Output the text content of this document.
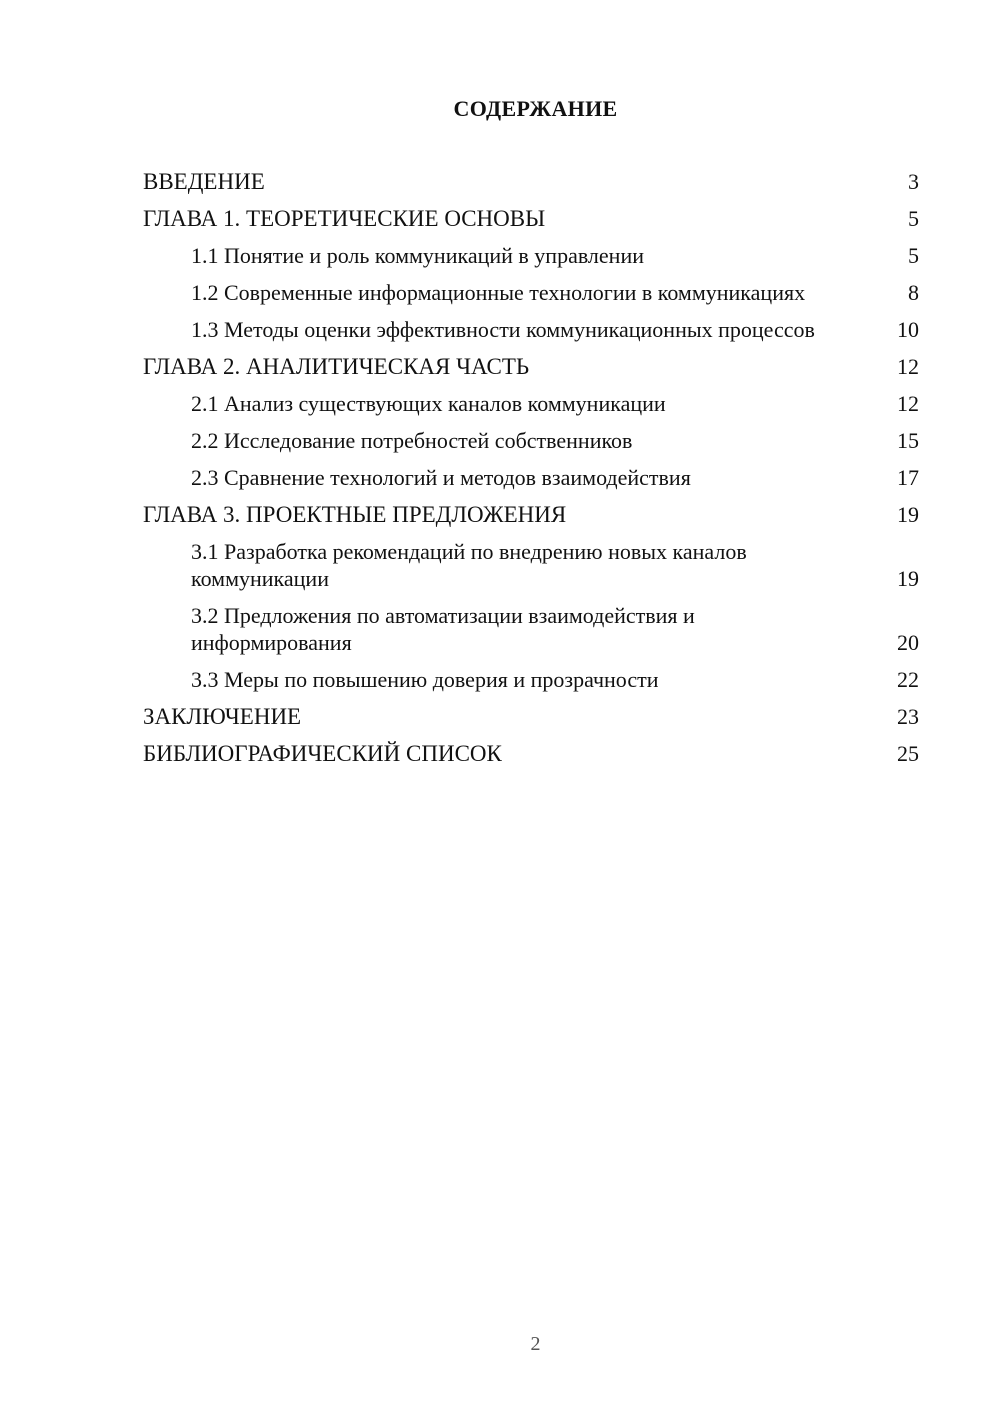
СОДЕРЖАНИЕ
ВВЕДЕНИЕ	3
ГЛАВА 1. ТЕОРЕТИЧЕСКИЕ ОСНОВЫ	5
1.1 Понятие и роль коммуникаций в управлении	5
1.2 Современные информационные технологии в коммуникациях	8
1.3 Методы оценки эффективности коммуникационных процессов	10
ГЛАВА 2. АНАЛИТИЧЕСКАЯ ЧАСТЬ	12
2.1 Анализ существующих каналов коммуникации	12
2.2 Исследование потребностей собственников	15
2.3 Сравнение технологий и методов взаимодействия	17
ГЛАВА 3. ПРОЕКТНЫЕ ПРЕДЛОЖЕНИЯ	19
3.1 Разработка рекомендаций по внедрению новых каналов коммуникации	19
3.2 Предложения по автоматизации взаимодействия и информирования	20
3.3 Меры по повышению доверия и прозрачности	22
ЗАКЛЮЧЕНИЕ	23
БИБЛИОГРАФИЧЕСКИЙ СПИСОК	25
2
